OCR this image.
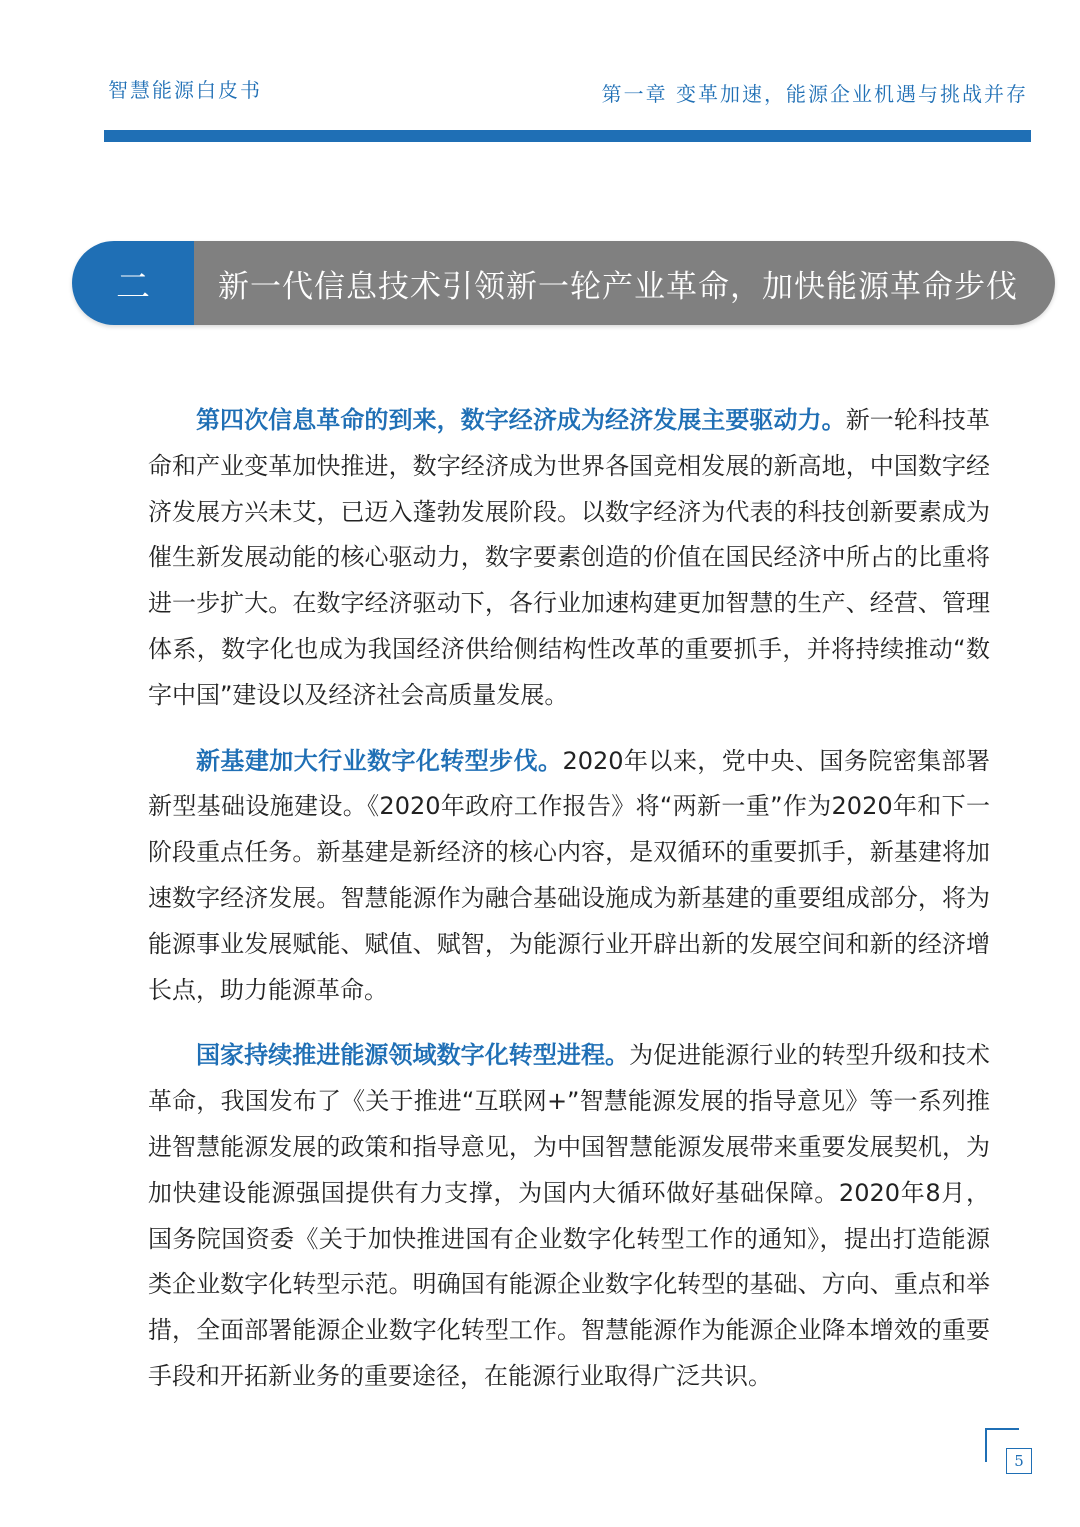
智慧能源白皮书	第一章 变革加速，能源企业机遇与挑战并存
二	新一代信息技术引领新一轮产业革命，加快能源革命步伐

第四次信息革命的到来，数字经济成为经济发展主要驱动力。新一轮科技革命和产业变革加快推进，数字经济成为世界各国竞相发展的新高地，中国数字经济发展方兴未艾，已迈入蓬勃发展阶段。以数字经济为代表的科技创新要素成为催生新发展动能的核心驱动力，数字要素创造的价值在国民经济中所占的比重将进一步扩大。在数字经济驱动下，各行业加速构建更加智慧的生产、经营、管理体系，数字化也成为我国经济供给侧结构性改革的重要抓手，并将持续推动“数字中国”建设以及经济社会高质量发展。

新基建加大行业数字化转型步伐。2020年以来，党中央、国务院密集部署新型基础设施建设。《2020年政府工作报告》将“两新一重”作为2020年和下一阶段重点任务。新基建是新经济的核心内容，是双循环的重要抓手，新基建将加速数字经济发展。智慧能源作为融合基础设施成为新基建的重要组成部分，将为能源事业发展赋能、赋值、赋智，为能源行业开辟出新的发展空间和新的经济增长点，助力能源革命。

国家持续推进能源领域数字化转型进程。为促进能源行业的转型升级和技术革命，我国发布了《关于推进“互联网+”智慧能源发展的指导意见》等一系列推进智慧能源发展的政策和指导意见，为中国智慧能源发展带来重要发展契机，为加快建设能源强国提供有力支撑，为国内大循环做好基础保障。2020年8月，国务院国资委《关于加快推进国有企业数字化转型工作的通知》，提出打造能源类企业数字化转型示范。明确国有能源企业数字化转型的基础、方向、重点和举措，全面部署能源企业数字化转型工作。智慧能源作为能源企业降本增效的重要手段和开拓新业务的重要途径，在能源行业取得广泛共识。

5
